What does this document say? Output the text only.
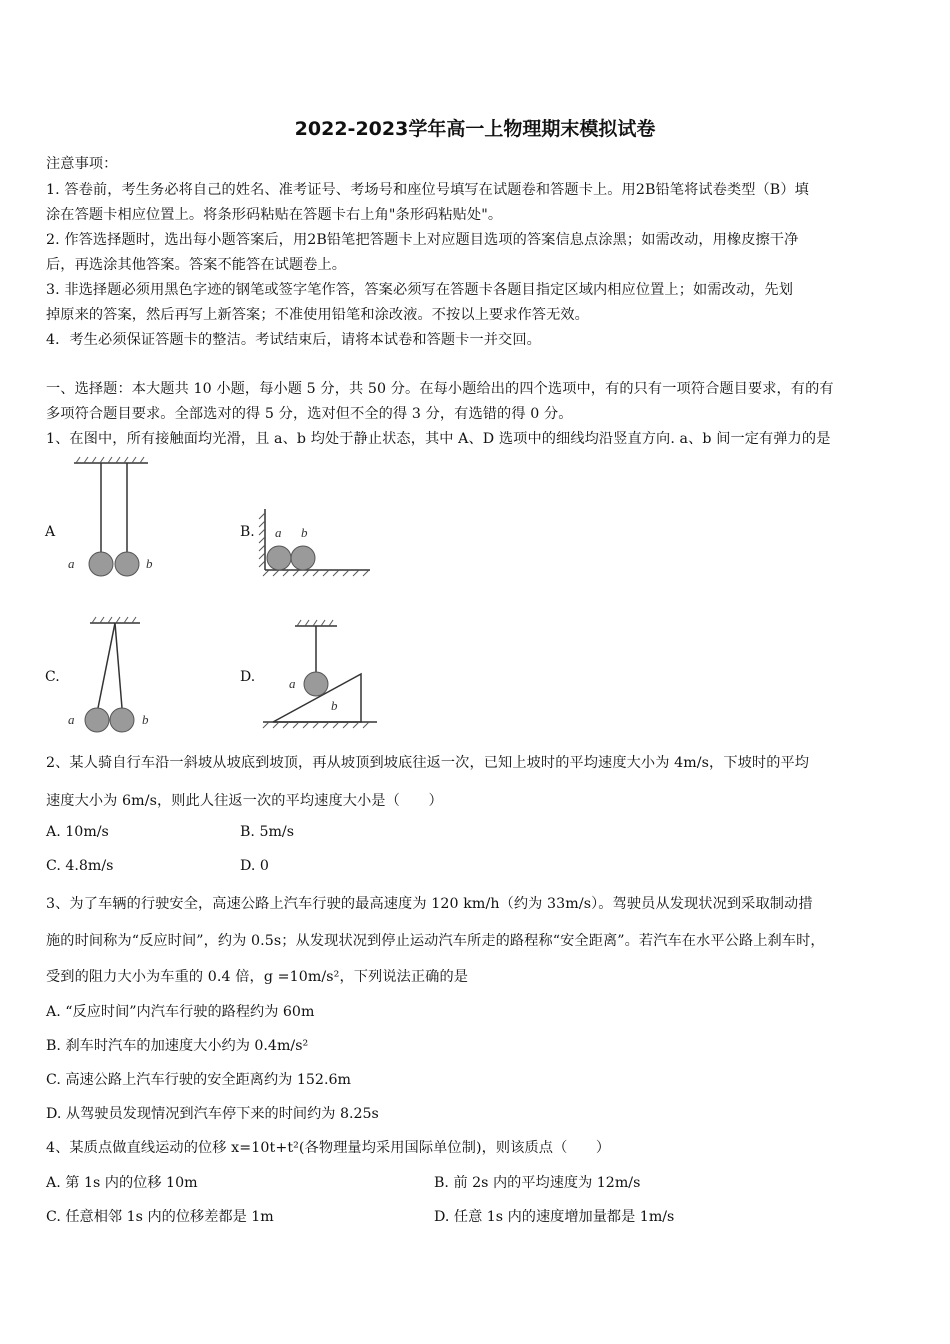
2022-2023学年高一上物理期末模拟试卷
注意事项：
1. 答卷前，考生务必将自己的姓名、准考证号、考场号和座位号填写在试题卷和答题卡上。用2B铅笔将试卷类型（B）填
涂在答题卡相应位置上。将条形码粘贴在答题卡右上角"条形码粘贴处"。
2. 作答选择题时，选出每小题答案后，用2B铅笔把答题卡上对应题目选项的答案信息点涂黑；如需改动，用橡皮擦干净
后，再选涂其他答案。答案不能答在试题卷上。
3. 非选择题必须用黑色字迹的钢笔或签字笔作答，答案必须写在答题卡各题目指定区域内相应位置上；如需改动，先划
掉原来的答案，然后再写上新答案；不准使用铅笔和涂改液。不按以上要求作答无效。
4．考生必须保证答题卡的整洁。考试结束后，请将本试卷和答题卡一并交回。
一、选择题：本大题共 10 小题，每小题 5 分，共 50 分。在每小题给出的四个选项中，有的只有一项符合题目要求，有的有
多项符合题目要求。全部选对的得 5 分，选对但不全的得 3 分，有选错的得 0 分。
1、在图中，所有接触面均光滑，且 a、b 均处于静止状态，其中 A、D 选项中的细线均沿竖直方向. a、b 间一定有弹力的是
A
a	b
B. a b
C.
a	b
D.	a
b
2、某人骑自行车沿一斜坡从坡底到坡顶，再从坡顶到坡底往返一次，已知上坡时的平均速度大小为 4m/s，下坡时的平均
速度大小为 6m/s，则此人往返一次的平均速度大小是（　　）
A. 10m/s	B. 5m/s
C. 4.8m/s	D. 0
3、为了车辆的行驶安全，高速公路上汽车行驶的最高速度为 120 km/h（约为 33m/s）。驾驶员从发现状况到采取制动措
施的时间称为“反应时间”，约为 0.5s；从发现状况到停止运动汽车所走的路程称“安全距离”。若汽车在水平公路上刹车时，
受到的阻力大小为车重的 0.4 倍，g =10m/s²，下列说法正确的是
A. “反应时间”内汽车行驶的路程约为 60m
B. 刹车时汽车的加速度大小约为 0.4m/s²
C. 高速公路上汽车行驶的安全距离约为 152.6m
D. 从驾驶员发现情况到汽车停下来的时间约为 8.25s
4、某质点做直线运动的位移 x=10t+t²(各物理量均采用国际单位制)，则该质点（　　）
A. 第 1s 内的位移 10m	B. 前 2s 内的平均速度为 12m/s
C. 任意相邻 1s 内的位移差都是 1m	D. 任意 1s 内的速度增加量都是 1m/s
